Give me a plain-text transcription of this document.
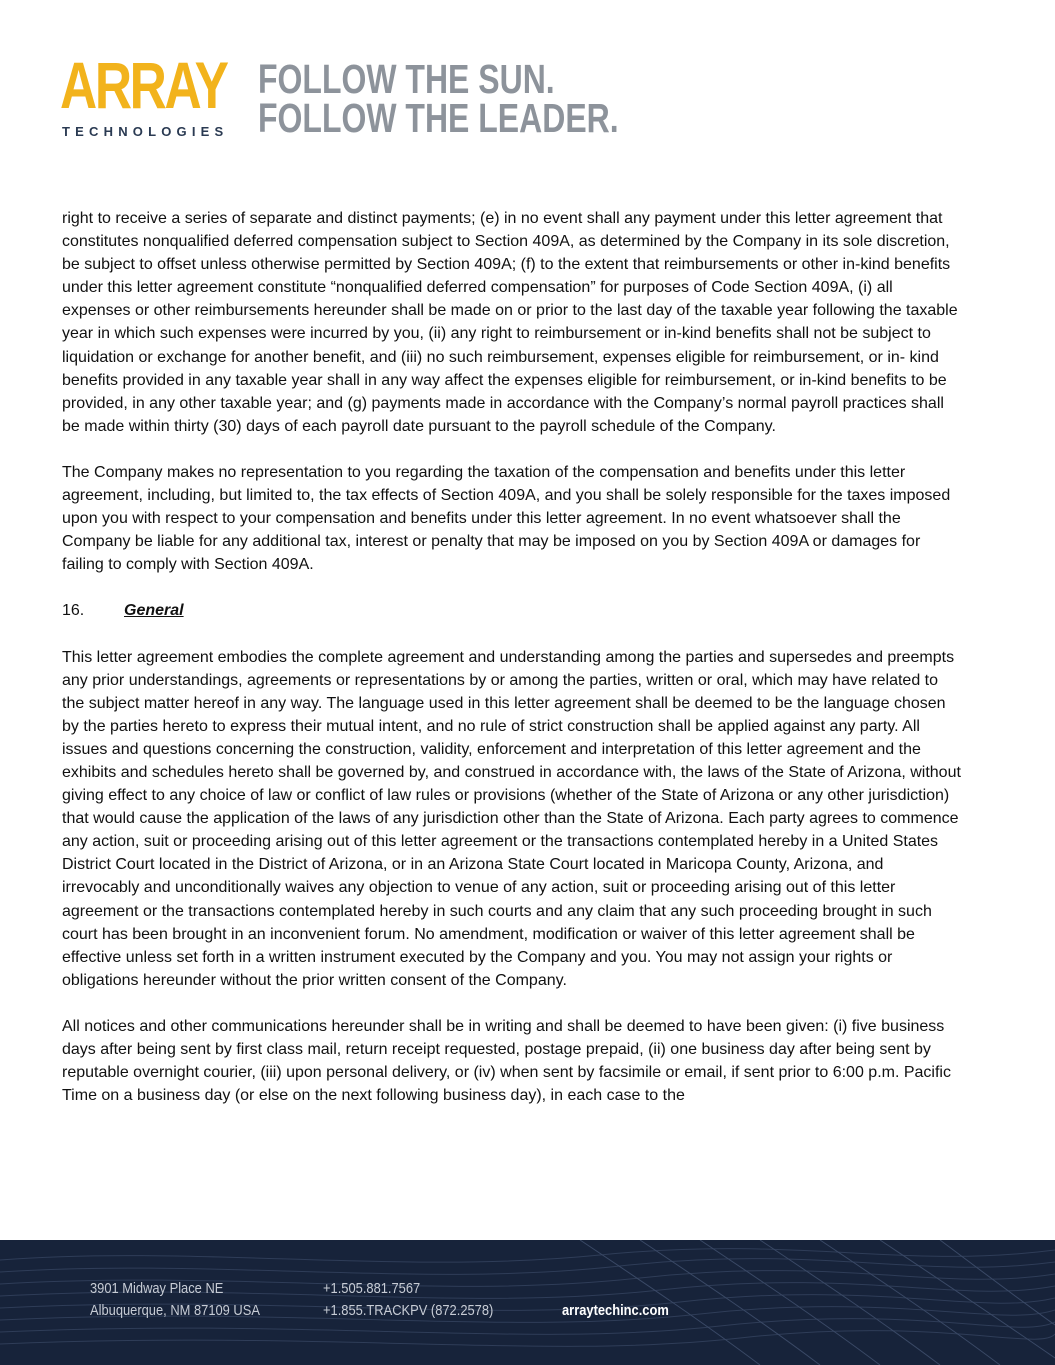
ARRAY
TECHNOLOGIES
FOLLOW THE SUN.
FOLLOW THE LEADER.

right to receive a series of separate and distinct payments; (e) in no event shall any payment under this letter agreement that constitutes nonqualified deferred compensation subject to Section 409A, as determined by the Company in its sole discretion, be subject to offset unless otherwise permitted by Section 409A; (f) to the extent that reimbursements or other in-kind benefits under this letter agreement constitute “nonqualified deferred compensation” for purposes of Code Section 409A, (i) all expenses or other reimbursements hereunder shall be made on or prior to the last day of the taxable year following the taxable year in which such expenses were incurred by you, (ii) any right to reimbursement or in-kind benefits shall not be subject to liquidation or exchange for another benefit, and (iii) no such reimbursement, expenses eligible for reimbursement, or in- kind benefits provided in any taxable year shall in any way affect the expenses eligible for reimbursement, or in-kind benefits to be provided, in any other taxable year; and (g) payments made in accordance with the Company’s normal payroll practices shall be made within thirty (30) days of each payroll date pursuant to the payroll schedule of the Company.

The Company makes no representation to you regarding the taxation of the compensation and benefits under this letter agreement, including, but limited to, the tax effects of Section 409A, and you shall be solely responsible for the taxes imposed upon you with respect to your compensation and benefits under this letter agreement. In no event whatsoever shall the Company be liable for any additional tax, interest or penalty that may be imposed on you by Section 409A or damages for failing to comply with Section 409A.

16. General

This letter agreement embodies the complete agreement and understanding among the parties and supersedes and preempts any prior understandings, agreements or representations by or among the parties, written or oral, which may have related to the subject matter hereof in any way. The language used in this letter agreement shall be deemed to be the language chosen by the parties hereto to express their mutual intent, and no rule of strict construction shall be applied against any party. All issues and questions concerning the construction, validity, enforcement and interpretation of this letter agreement and the exhibits and schedules hereto shall be governed by, and construed in accordance with, the laws of the State of Arizona, without giving effect to any choice of law or conflict of law rules or provisions (whether of the State of Arizona or any other jurisdiction) that would cause the application of the laws of any jurisdiction other than the State of Arizona. Each party agrees to commence any action, suit or proceeding arising out of this letter agreement or the transactions contemplated hereby in a United States District Court located in the District of Arizona, or in an Arizona State Court located in Maricopa County, Arizona, and irrevocably and unconditionally waives any objection to venue of any action, suit or proceeding arising out of this letter agreement or the transactions contemplated hereby in such courts and any claim that any such proceeding brought in such court has been brought in an inconvenient forum. No amendment, modification or waiver of this letter agreement shall be effective unless set forth in a written instrument executed by the Company and you. You may not assign your rights or obligations hereunder without the prior written consent of the Company.

All notices and other communications hereunder shall be in writing and shall be deemed to have been given: (i) five business days after being sent by first class mail, return receipt requested, postage prepaid, (ii) one business day after being sent by reputable overnight courier, (iii) upon personal delivery, or (iv) when sent by facsimile or email, if sent prior to 6:00 p.m. Pacific Time on a business day (or else on the next following business day), in each case to the

3901 Midway Place NE
Albuquerque, NM 87109 USA
+1.505.881.7567
+1.855.TRACKPV (872.2578)	arraytechinc.com
